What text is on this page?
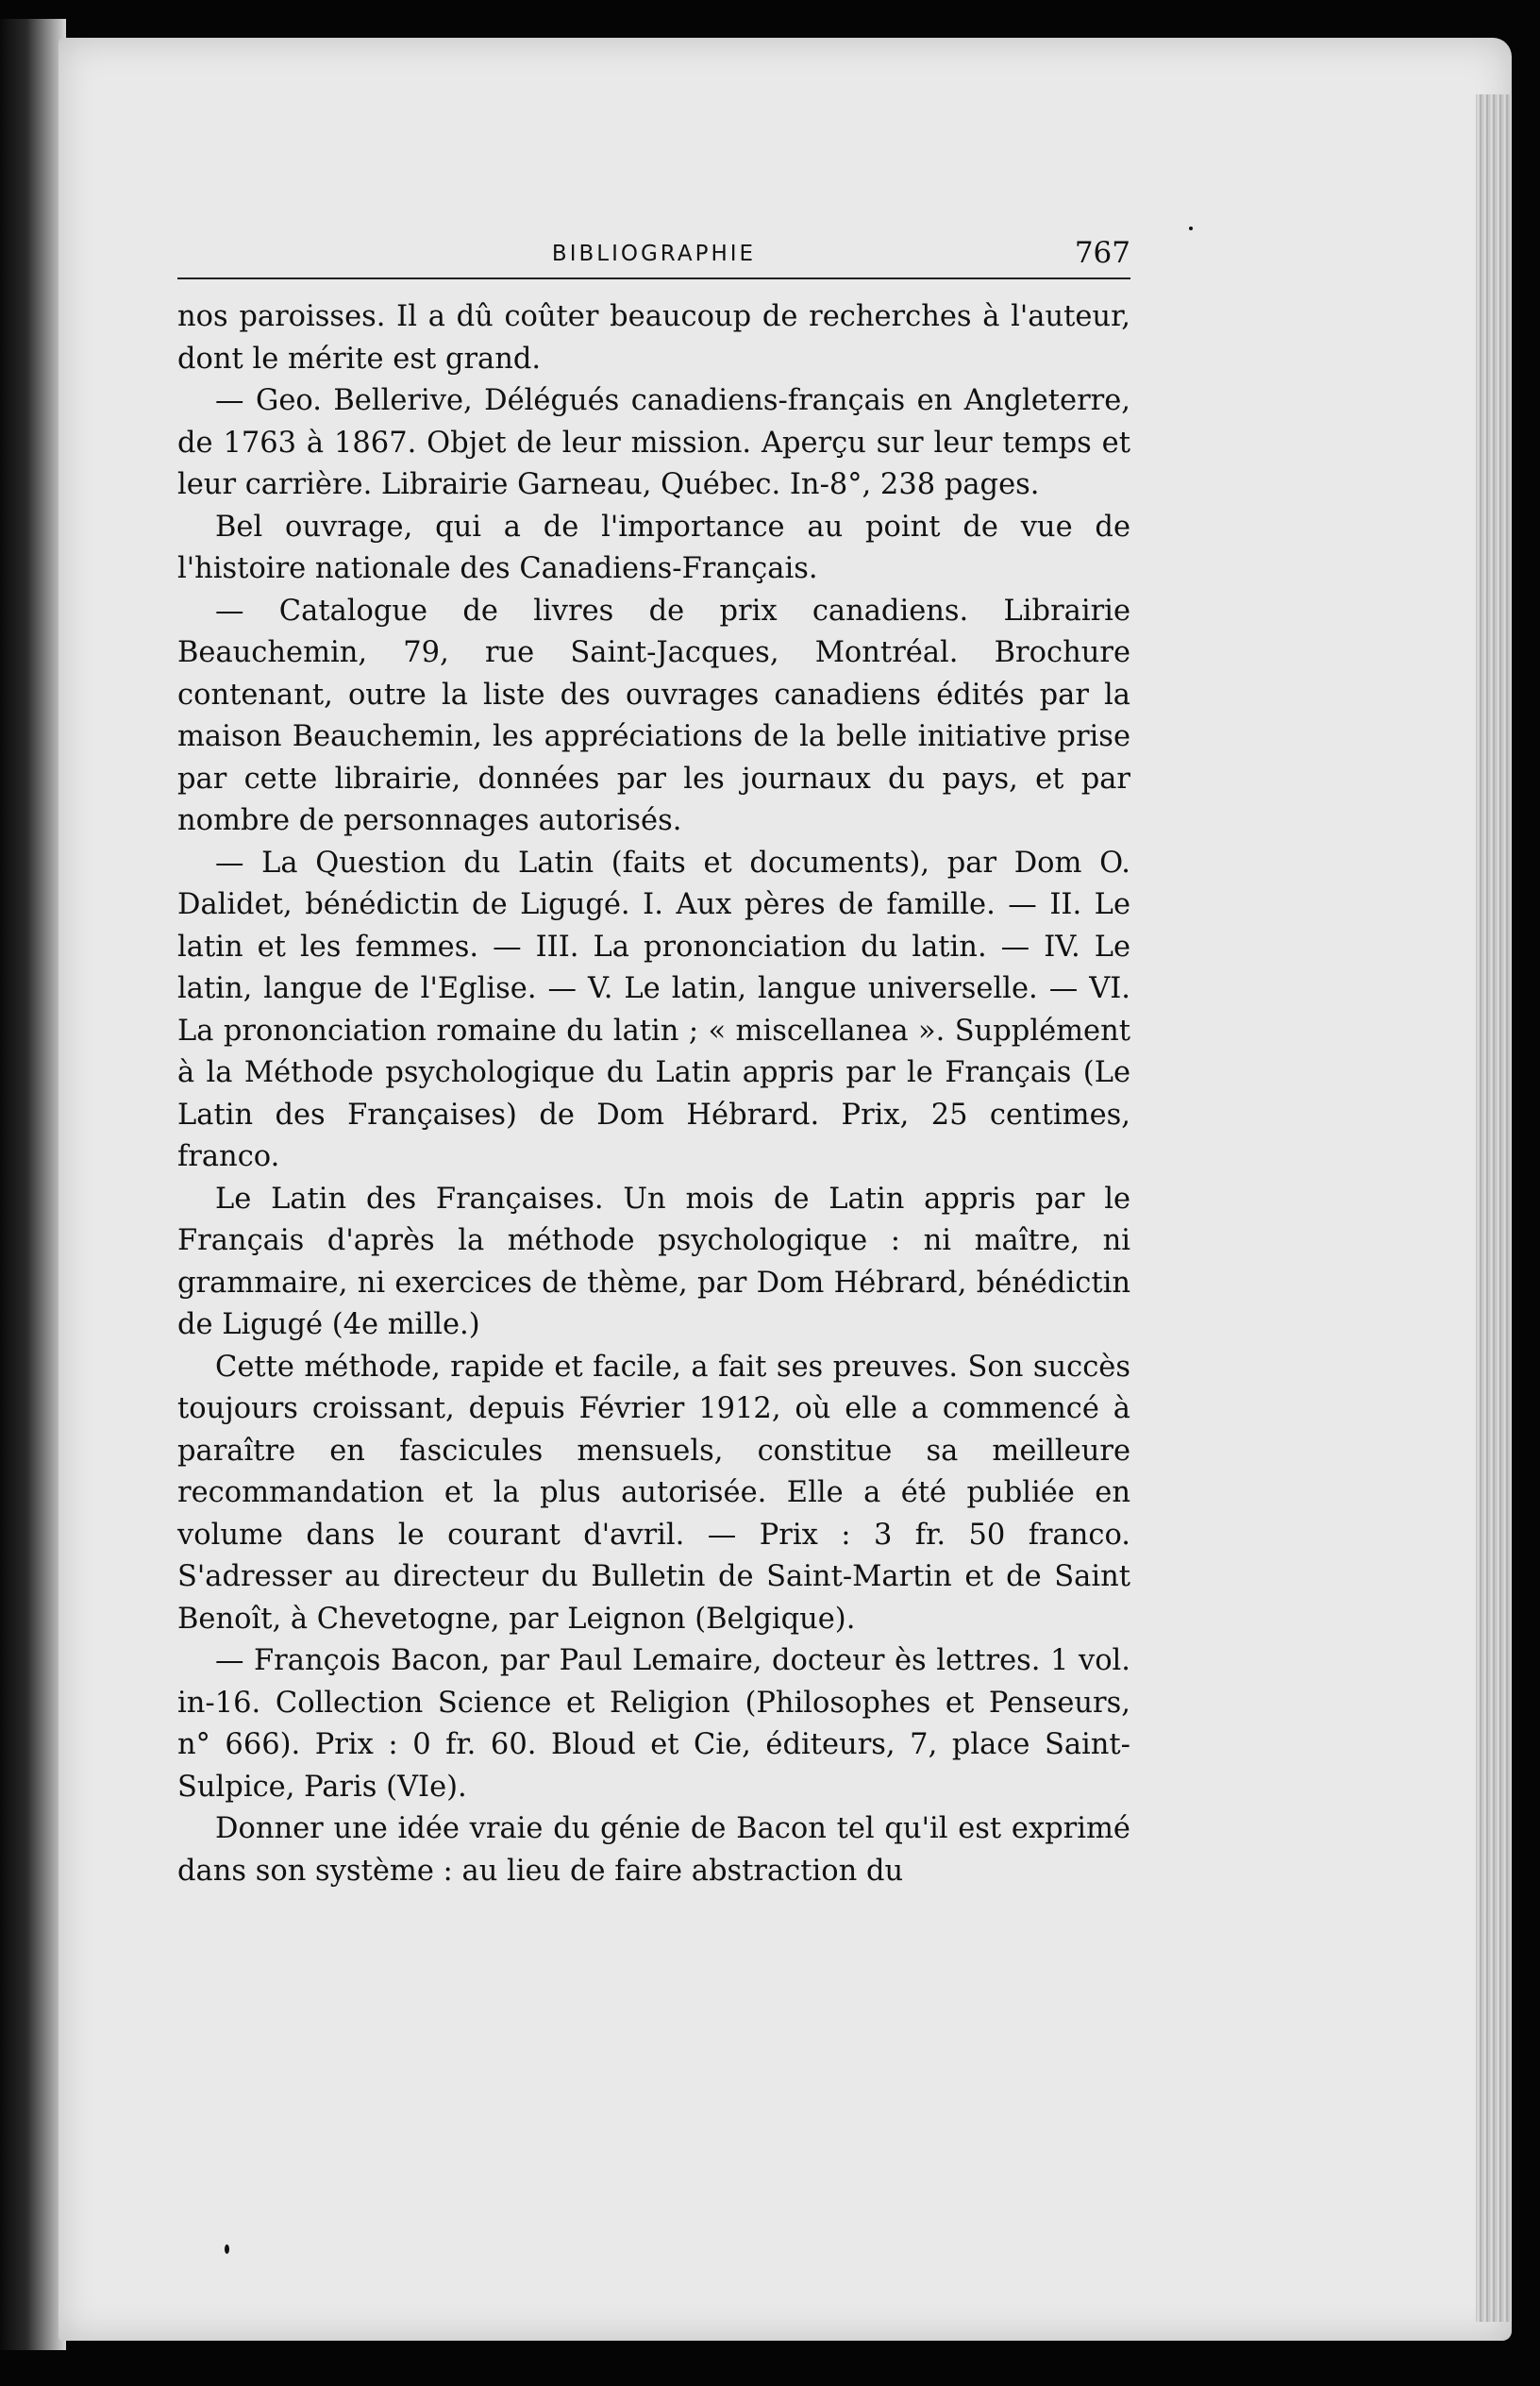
BIBLIOGRAPHIE	767

nos paroisses. Il a dû coûter beaucoup de recherches à l'auteur, dont le mérite est grand.

— Geo. Bellerive, Délégués canadiens-français en Angleterre, de 1763 à 1867. Objet de leur mission. Aperçu sur leur temps et leur carrière. Librairie Garneau, Québec. In-8°, 238 pages.

Bel ouvrage, qui a de l'importance au point de vue de l'histoire nationale des Canadiens-Français.

— Catalogue de livres de prix canadiens. Librairie Beauchemin, 79, rue Saint-Jacques, Montréal. Brochure contenant, outre la liste des ouvrages canadiens édités par la maison Beauchemin, les appréciations de la belle initiative prise par cette librairie, données par les journaux du pays, et par nombre de personnages autorisés.

— La Question du Latin (faits et documents), par Dom O. Dalidet, bénédictin de Ligugé. I. Aux pères de famille. — II. Le latin et les femmes. — III. La prononciation du latin. — IV. Le latin, langue de l'Eglise. — V. Le latin, langue universelle. — VI. La prononciation romaine du latin ; « miscellanea ». Supplément à la Méthode psychologique du Latin appris par le Français (Le Latin des Françaises) de Dom Hébrard. Prix, 25 centimes, franco.

Le Latin des Françaises. Un mois de Latin appris par le Français d'après la méthode psychologique : ni maître, ni grammaire, ni exercices de thème, par Dom Hébrard, bénédictin de Ligugé (4e mille.)

Cette méthode, rapide et facile, a fait ses preuves. Son succès toujours croissant, depuis Février 1912, où elle a commencé à paraître en fascicules mensuels, constitue sa meilleure recommandation et la plus autorisée. Elle a été publiée en volume dans le courant d'avril. — Prix : 3 fr. 50 franco. S'adresser au directeur du Bulletin de Saint-Martin et de Saint Benoît, à Chevetogne, par Leignon (Belgique).

— François Bacon, par Paul Lemaire, docteur ès lettres. 1 vol. in-16. Collection Science et Religion (Philosophes et Penseurs, n° 666). Prix : 0 fr. 60. Bloud et Cie, éditeurs, 7, place Saint-Sulpice, Paris (VIe).

Donner une idée vraie du génie de Bacon tel qu'il est exprimé dans son système : au lieu de faire abstraction du
